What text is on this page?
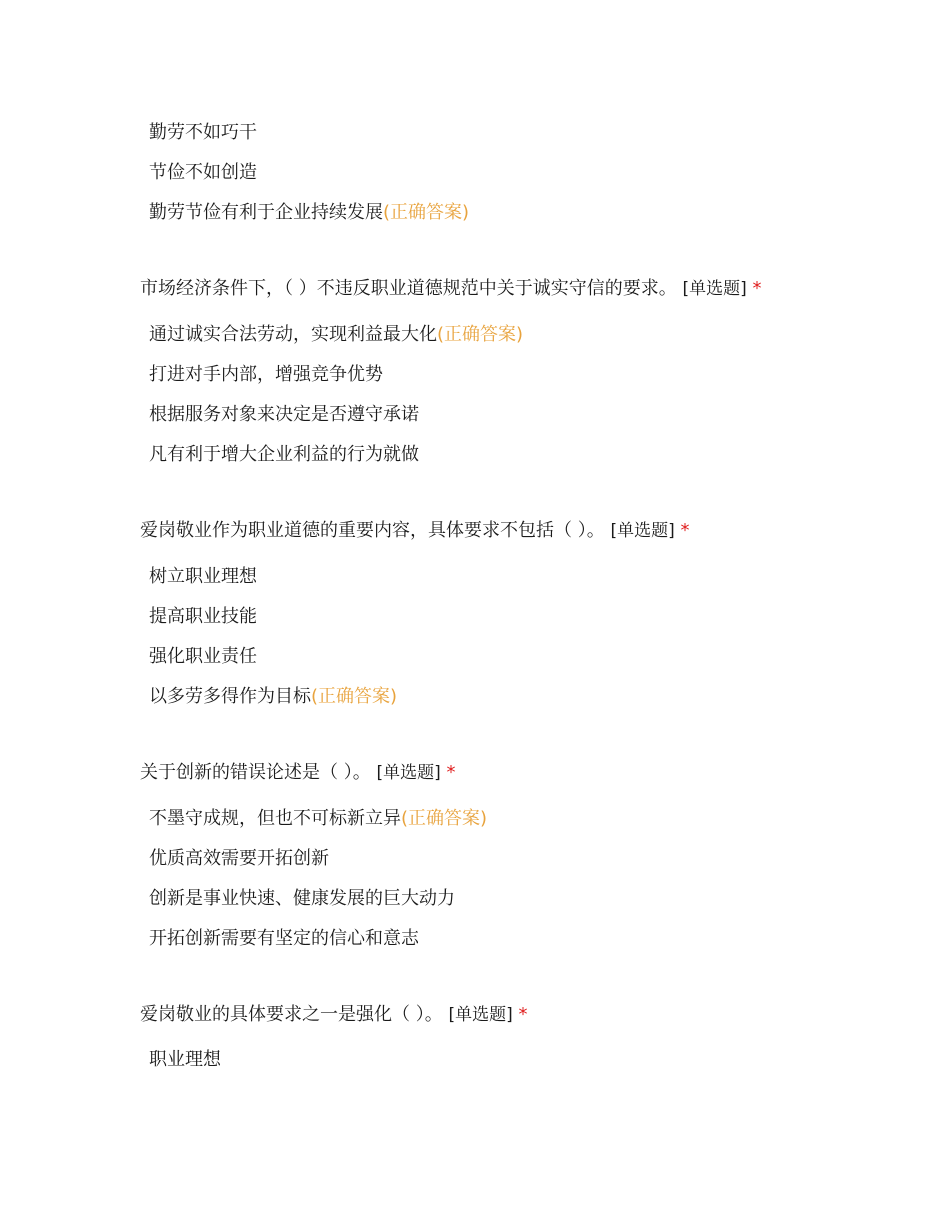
勤劳不如巧干
节俭不如创造
勤劳节俭有利于企业持续发展(正确答案)
市场经济条件下，（ ）不违反职业道德规范中关于诚实守信的要求。 [单选题] *
通过诚实合法劳动，实现利益最大化(正确答案)
打进对手内部，增强竞争优势
根据服务对象来决定是否遵守承诺
凡有利于增大企业利益的行为就做
爱岗敬业作为职业道德的重要内容，具体要求不包括（ ）。 [单选题] *
树立职业理想
提高职业技能
强化职业责任
以多劳多得作为目标(正确答案)
关于创新的错误论述是（ ）。 [单选题] *
不墨守成规，但也不可标新立异(正确答案)
优质高效需要开拓创新
创新是事业快速、健康发展的巨大动力
开拓创新需要有坚定的信心和意志
爱岗敬业的具体要求之一是强化（ ）。 [单选题] *
职业理想
